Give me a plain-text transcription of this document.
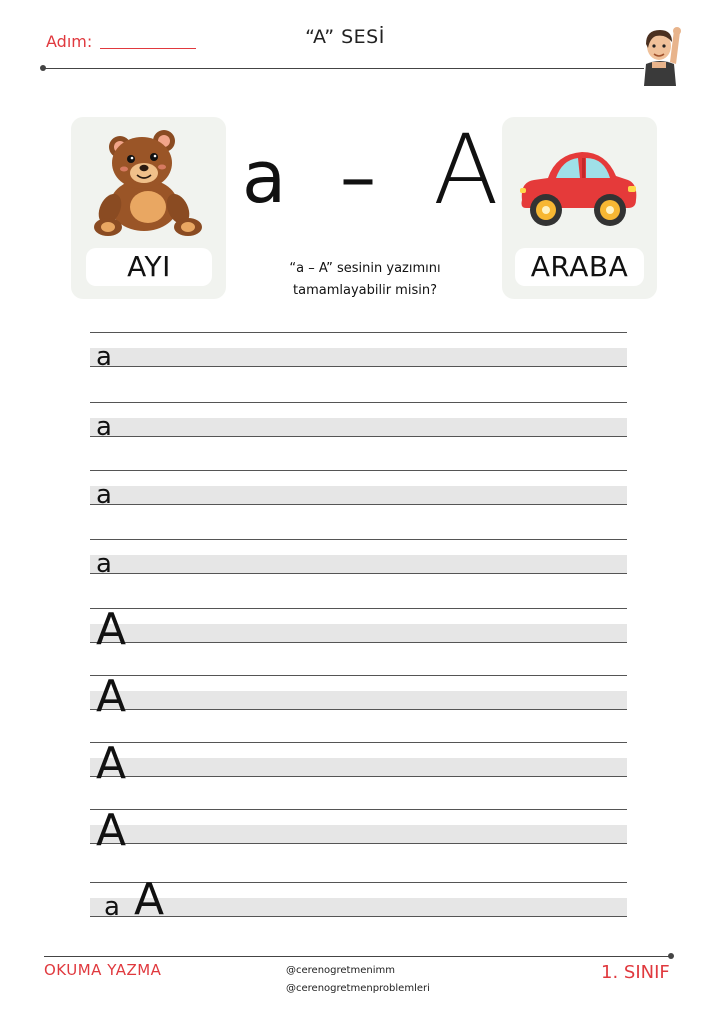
Adım:	“A” SESİ
AYI	ARABA
a – A
“a – A” sesinin yazımını
tamamlayabilir misin?
a
a
a
a
A
A
A
A
a A
OKUMA YAZMA	@cerenogretmenimm
@cerenogretmenproblemleri
1. SINIF
